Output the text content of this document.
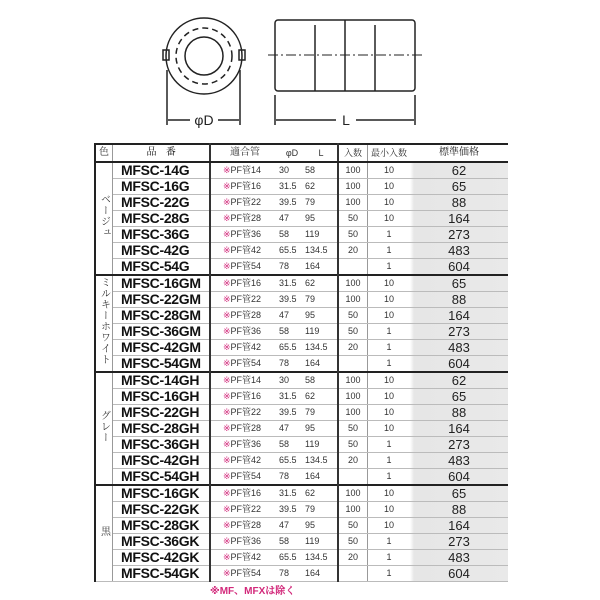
φD	L
色	品　番	適合管	φD	L	入数	最小入数	標準価格
ベージュ	MFSC-14G	※PF管14	30	58	100	10	62
	MFSC-16G	※PF管16	31.5	62	100	10	65
	MFSC-22G	※PF管22	39.5	79	100	10	88
	MFSC-28G	※PF管28	47	95	50	10	164
	MFSC-36G	※PF管36	58	119	50	1	273
	MFSC-42G	※PF管42	65.5	134.5	20	1	483
	MFSC-54G	※PF管54	78	164		1	604
ミルキーホワイト	MFSC-16GM	※PF管16	31.5	62	100	10	65
	MFSC-22GM	※PF管22	39.5	79	100	10	88
	MFSC-28GM	※PF管28	47	95	50	10	164
	MFSC-36GM	※PF管36	58	119	50	1	273
	MFSC-42GM	※PF管42	65.5	134.5	20	1	483
	MFSC-54GM	※PF管54	78	164		1	604
グレー	MFSC-14GH	※PF管14	30	58	100	10	62
	MFSC-16GH	※PF管16	31.5	62	100	10	65
	MFSC-22GH	※PF管22	39.5	79	100	10	88
	MFSC-28GH	※PF管28	47	95	50	10	164
	MFSC-36GH	※PF管36	58	119	50	1	273
	MFSC-42GH	※PF管42	65.5	134.5	20	1	483
	MFSC-54GH	※PF管54	78	164		1	604
黒	MFSC-16GK	※PF管16	31.5	62	100	10	65
	MFSC-22GK	※PF管22	39.5	79	100	10	88
	MFSC-28GK	※PF管28	47	95	50	10	164
	MFSC-36GK	※PF管36	58	119	50	1	273
	MFSC-42GK	※PF管42	65.5	134.5	20	1	483
	MFSC-54GK	※PF管54	78	164		1	604
※MF、MFXは除く
